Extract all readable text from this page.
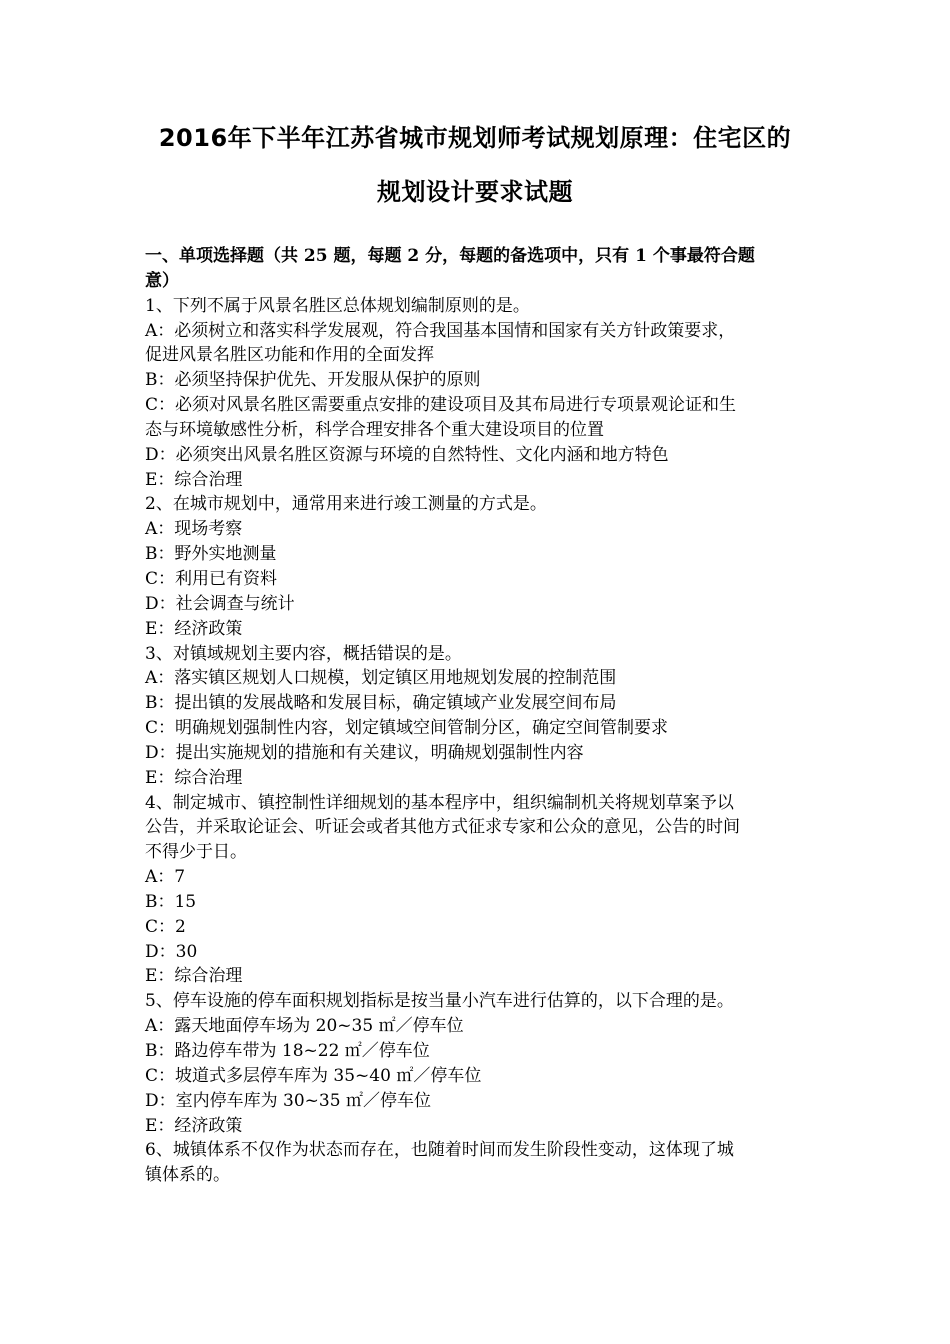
2016年下半年江苏省城市规划师考试规划原理：住宅区的
规划设计要求试题
一、单项选择题（共 25 题，每题 2 分，每题的备选项中，只有 1 个事最符合题
意）
1、下列不属于风景名胜区总体规划编制原则的是。
A：必须树立和落实科学发展观，符合我国基本国情和国家有关方针政策要求，
促进风景名胜区功能和作用的全面发挥
B：必须坚持保护优先、开发服从保护的原则
C：必须对风景名胜区需要重点安排的建设项目及其布局进行专项景观论证和生
态与环境敏感性分析，科学合理安排各个重大建设项目的位置
D：必须突出风景名胜区资源与环境的自然特性、文化内涵和地方特色
E：综合治理
2、在城市规划中，通常用来进行竣工测量的方式是。
A：现场考察
B：野外实地测量
C：利用已有资料
D：社会调查与统计
E：经济政策
3、对镇域规划主要内容，概括错误的是。
A：落实镇区规划人口规模，划定镇区用地规划发展的控制范围
B：提出镇的发展战略和发展目标，确定镇域产业发展空间布局
C：明确规划强制性内容，划定镇域空间管制分区，确定空间管制要求
D：提出实施规划的措施和有关建议，明确规划强制性内容
E：综合治理
4、制定城市、镇控制性详细规划的基本程序中，组织编制机关将规划草案予以
公告，并采取论证会、听证会或者其他方式征求专家和公众的意见，公告的时间
不得少于日。
A：7
B：15
C：2
D：30
E：综合治理
5、停车设施的停车面积规划指标是按当量小汽车进行估算的，以下合理的是。
A：露天地面停车场为 20~35 ㎡／停车位
B：路边停车带为 18~22 ㎡／停车位
C：坡道式多层停车库为 35~40 ㎡／停车位
D：室内停车库为 30~35 ㎡／停车位
E：经济政策
6、城镇体系不仅作为状态而存在，也随着时间而发生阶段性变动，这体现了城
镇体系的。
